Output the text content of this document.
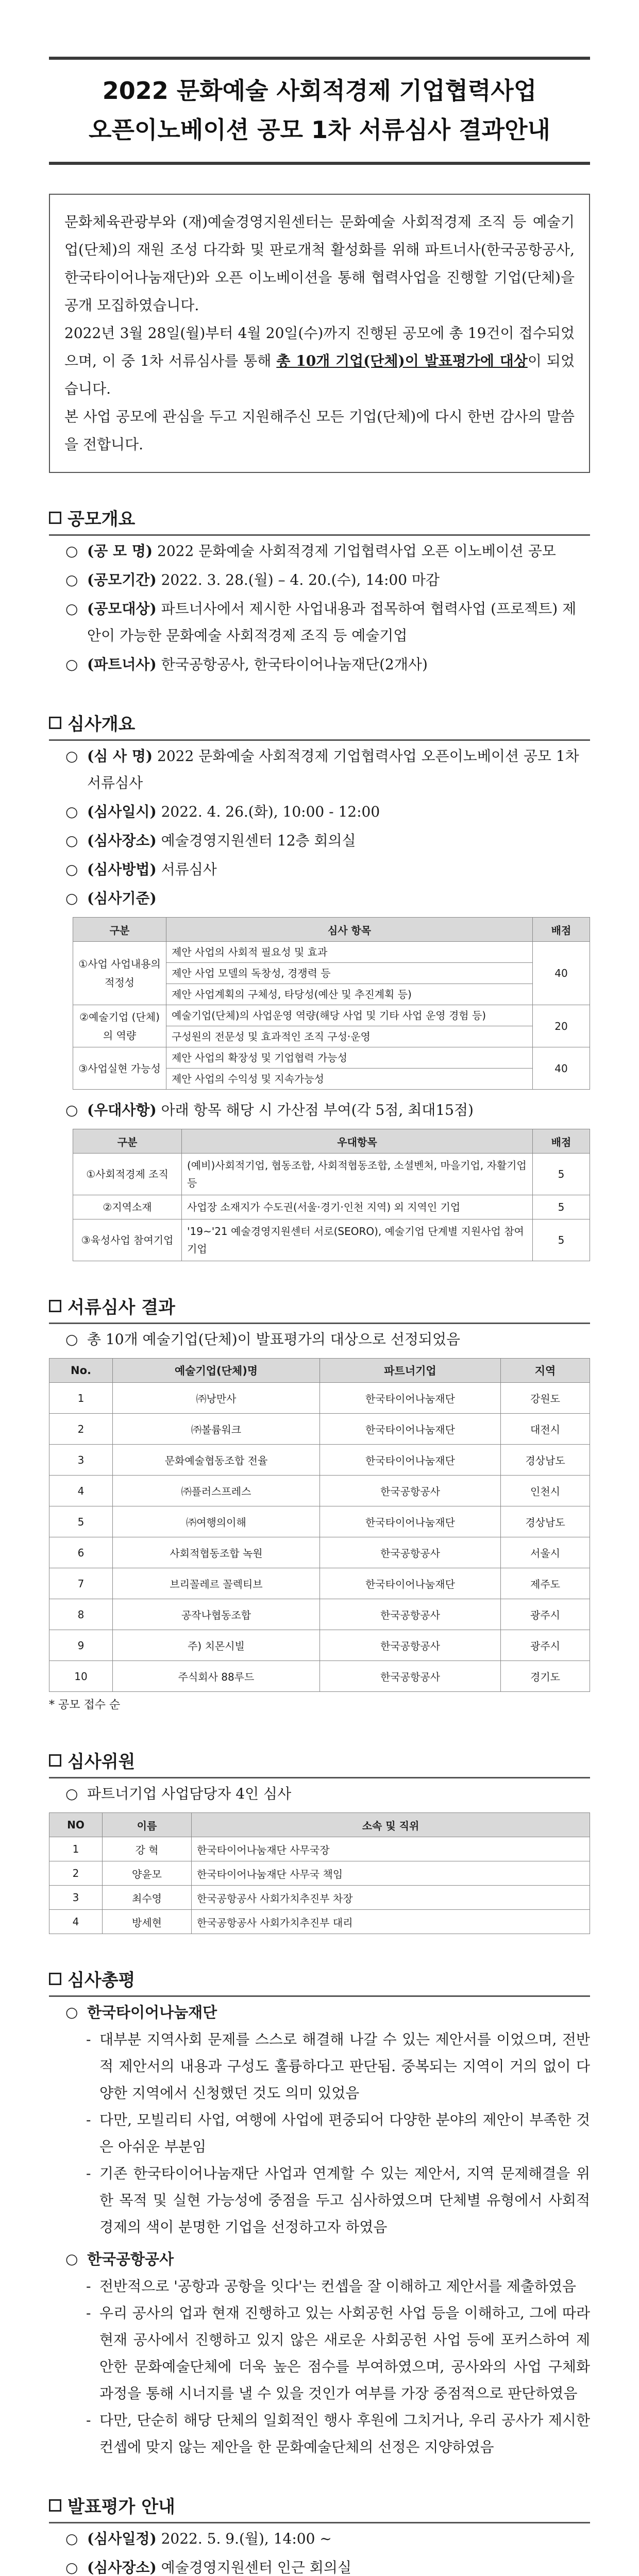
2022 문화예술 사회적경제 기업협력사업
오픈이노베이션 공모 1차 서류심사 결과안내

문화체육관광부와 (재)예술경영지원센터는 문화예술 사회적경제 조직 등 예술기업(단체)의 재원 조성 다각화 및 판로개척 활성화를 위해 파트너사(한국공항공사, 한국타이어나눔재단)와 오픈 이노베이션을 통해 협력사업을 진행할 기업(단체)을 공개 모집하였습니다.

2022년 3월 28일(월)부터 4월 20일(수)까지 진행된 공모에 총 19건이 접수되었으며, 이 중 1차 서류심사를 통해 총 10개 기업(단체)이 발표평가에 대상이 되었습니다.

본 사업 공모에 관심을 두고 지원해주신 모든 기업(단체)에 다시 한번 감사의 말씀을 전합니다.

공모개요
○ (공 모 명) 2022 문화예술 사회적경제 기업협력사업 오픈 이노베이션 공모
○ (공모기간) 2022. 3. 28.(월) – 4. 20.(수), 14:00 마감
○ (공모대상) 파트너사에서 제시한 사업내용과 접목하여 협력사업 (프로젝트) 제안이 가능한 문화예술 사회적경제 조직 등 예술기업
○ (파트너사) 한국공항공사, 한국타이어나눔재단(2개사)
심사개요
○ (심 사 명) 2022 문화예술 사회적경제 기업협력사업 오픈이노베이션 공모 1차 서류심사
○ (심사일시) 2022. 4. 26.(화), 10:00 - 12:00
○ (심사장소) 예술경영지원센터 12층 회의실
○ (심사방법) 서류심사
○ (심사기준)
구분	심사 항목	배점
①사업 사업내용의 적정성	제안 사업의 사회적 필요성 및 효과	40
	제안 사업 모델의 독창성, 경쟁력 등	
	제안 사업계획의 구체성, 타당성(예산 및 추진계획 등)	
②예술기업 (단체)의 역량	예술기업(단체)의 사업운영 역량(해당 사업 및 기타 사업 운영 경험 등)	20
	구성원의 전문성 및 효과적인 조직 구성·운영	
③사업실현 가능성	제안 사업의 확장성 및 기업협력 가능성	40
	제안 사업의 수익성 및 지속가능성	
○ (우대사항) 아래 항목 해당 시 가산점 부여(각 5점, 최대15점)
구분	우대항목	배점
①사회적경제 조직	(예비)사회적기업, 협동조합, 사회적협동조합, 소셜벤처, 마을기업, 자활기업 등	5
②지역소재	사업장 소재지가 수도권(서울·경기·인천 지역) 외 지역인 기업	5
③육성사업 참여기업	'19~'21 예술경영지원센터 서로(SEORO), 예술기업 단계별 지원사업 참여기업	5
서류심사 결과
○ 총 10개 예술기업(단체)이 발표평가의 대상으로 선정되었음
No.	예술기업(단체)명	파트너기업	지역
1	㈜낭만사	한국타이어나눔재단	강원도
2	㈜볼륨워크	한국타이어나눔재단	대전시
3	문화예술협동조합 전율	한국타이어나눔재단	경상남도
4	㈜플러스프레스	한국공항공사	인천시
5	㈜여행의이해	한국타이어나눔재단	경상남도
6	사회적협동조합 녹원	한국공항공사	서울시
7	브리꼴레르 꼴렉티브	한국타이어나눔재단	제주도
8	공작나협동조합	한국공항공사	광주시
9	주) 치몬시빌	한국공항공사	광주시
10	주식회사 88루드	한국공항공사	경기도
* 공모 접수 순
심사위원
○ 파트너기업 사업담당자 4인 심사
NO	이름	소속 및 직위
1	강 혁	한국타이어나눔재단 사무국장
2	양윤모	한국타이어나눔재단 사무국 책임
3	최수영	한국공항공사 사회가치추진부 차장
4	방세현	한국공항공사 사회가치추진부 대리
심사총평
○ 한국타이어나눔재단
- 대부분 지역사회 문제를 스스로 해결해 나갈 수 있는 제안서를 이었으며, 전반적 제안서의 내용과 구성도 훌륭하다고 판단됨. 중복되는 지역이 거의 없이 다양한 지역에서 신청했던 것도 의미 있었음
- 다만, 모빌리티 사업, 여행에 사업에 편중되어 다양한 분야의 제안이 부족한 것은 아쉬운 부분임
- 기존 한국타이어나눔재단 사업과 연계할 수 있는 제안서, 지역 문제해결을 위한 목적 및 실현 가능성에 중점을 두고 심사하였으며 단체별 유형에서 사회적경제의 색이 분명한 기업을 선정하고자 하였음
○ 한국공항공사
- 전반적으로 '공항과 공항을 잇다'는 컨셉을 잘 이해하고 제안서를 제출하였음
- 우리 공사의 업과 현재 진행하고 있는 사회공헌 사업 등을 이해하고, 그에 따라 현재 공사에서 진행하고 있지 않은 새로운 사회공헌 사업 등에 포커스하여 제안한 문화예술단체에 더욱 높은 점수를 부여하였으며, 공사와의 사업 구체화 과정을 통해 시너지를 낼 수 있을 것인가 여부를 가장 중점적으로 판단하였음
- 다만, 단순히 해당 단체의 일회적인 행사 후원에 그치거나, 우리 공사가 제시한 컨셉에 맞지 않는 제안을 한 문화예술단체의 선정은 지양하였음
발표평가 안내
○ (심사일정) 2022. 5. 9.(월), 14:00 ~
○ (심사장소) 예술경영지원센터 인근 회의실
